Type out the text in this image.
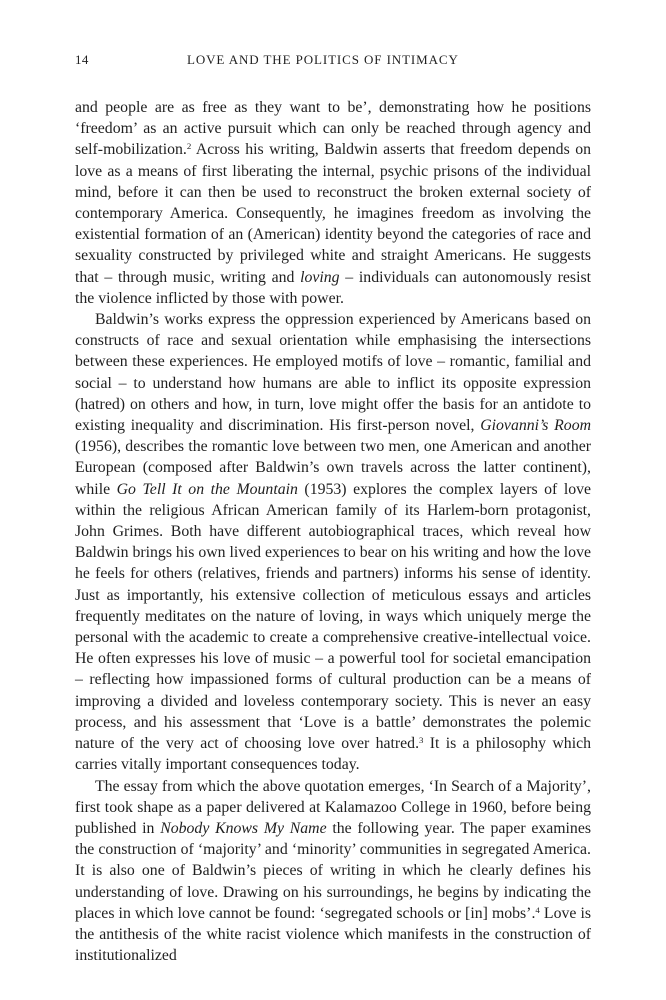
14	LOVE AND THE POLITICS OF INTIMACY

and people are as free as they want to be’, demonstrating how he positions ‘freedom’ as an active pursuit which can only be reached through agency and self-mobilization.$^2$ Across his writing, Baldwin asserts that freedom depends on love as a means of first liberating the internal, psychic prisons of the individual mind, before it can then be used to reconstruct the broken external society of contemporary America. Consequently, he imagines freedom as involving the existential formation of an (American) identity beyond the categories of race and sexuality constructed by privileged white and straight Americans. He suggests that – through music, writing and loving – individuals can autonomously resist the violence inflicted by those with power.

Baldwin’s works express the oppression experienced by Americans based on constructs of race and sexual orientation while emphasising the intersections between these experiences. He employed motifs of love – romantic, familial and social – to understand how humans are able to inflict its opposite expression (hatred) on others and how, in turn, love might offer the basis for an antidote to existing inequality and discrimination. His first-person novel, Giovanni’s Room (1956), describes the romantic love between two men, one American and another European (composed after Baldwin’s own travels across the latter continent), while Go Tell It on the Mountain (1953) explores the complex layers of love within the religious African American family of its Harlem-born protagonist, John Grimes. Both have different autobiographical traces, which reveal how Baldwin brings his own lived experiences to bear on his writing and how the love he feels for others (relatives, friends and partners) informs his sense of identity. Just as importantly, his extensive collection of meticulous essays and articles frequently meditates on the nature of loving, in ways which uniquely merge the personal with the academic to create a comprehensive creative-intellectual voice. He often expresses his love of music – a powerful tool for societal emancipation – reflecting how impassioned forms of cultural production can be a means of improving a divided and loveless contemporary society. This is never an easy process, and his assessment that ‘Love is a battle’ demonstrates the polemic nature of the very act of choosing love over hatred.$^3$ It is a philosophy which carries vitally important consequences today.

The essay from which the above quotation emerges, ‘In Search of a Majority’, first took shape as a paper delivered at Kalamazoo College in 1960, before being published in Nobody Knows My Name the following year. The paper examines the construction of ‘majority’ and ‘minority’ communities in segregated America. It is also one of Baldwin’s pieces of writing in which he clearly defines his understanding of love. Drawing on his surroundings, he begins by indicating the places in which love cannot be found: ‘segregated schools or [in] mobs’.$^4$ Love is the antithesis of the white racist violence which manifests in the construction of institutionalized
